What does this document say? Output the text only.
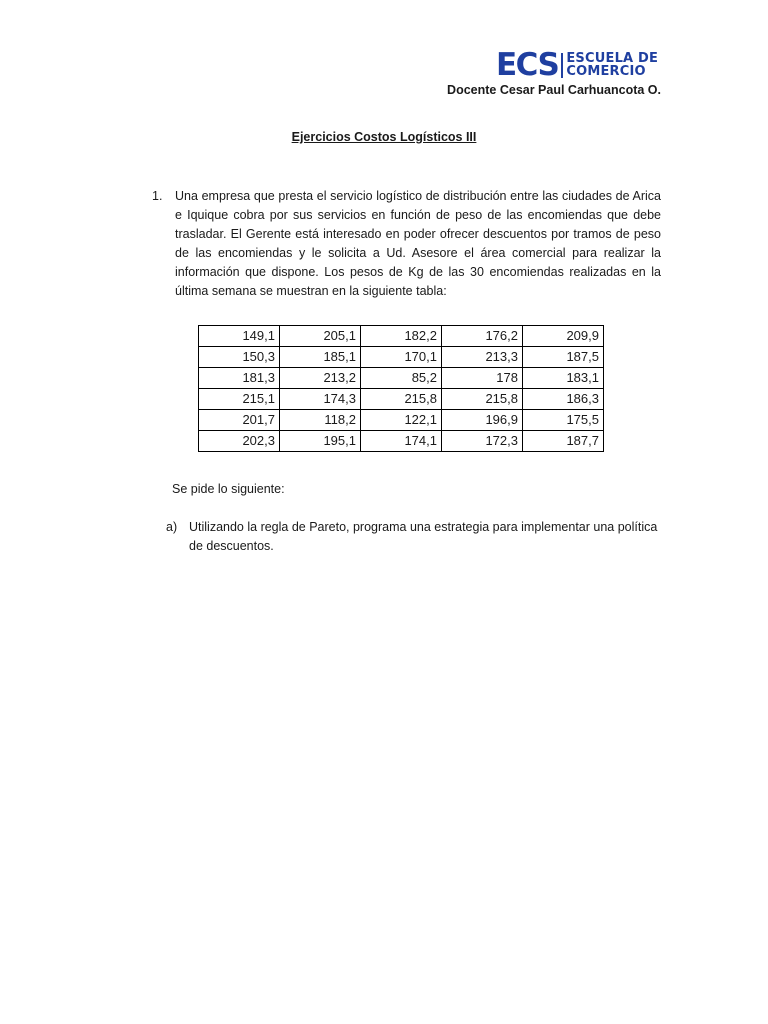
ECS ESCUELA DE
COMERCIO
Docente Cesar Paul Carhuancota O.
Ejercicios Costos Logísticos III
1. Una empresa que presta el servicio logístico de distribución entre las ciudades de Arica e Iquique cobra por sus servicios en función de peso de las encomiendas que debe trasladar. El Gerente está interesado en poder ofrecer descuentos por tramos de peso de las encomiendas y le solicita a Ud. Asesore el área comercial para realizar la información que dispone. Los pesos de Kg de las 30 encomiendas realizadas en la última semana se muestran en la siguiente tabla:
149,1	205,1	182,2	176,2	209,9
150,3	185,1	170,1	213,3	187,5
181,3	213,2	85,2	178	183,1
215,1	174,3	215,8	215,8	186,3
201,7	118,2	122,1	196,9	175,5
202,3	195,1	174,1	172,3	187,7
Se pide lo siguiente:
a) Utilizando la regla de Pareto, programa una estrategia para implementar una política de descuentos.
